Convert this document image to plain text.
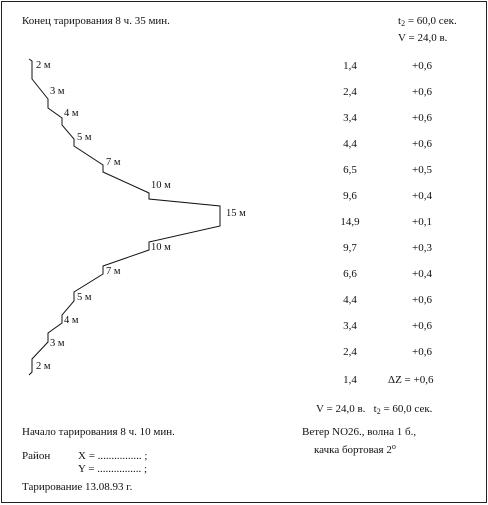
Конец тарирования 8 ч. 35 мин.	$t_2 = 60,0$ сек.
V = 24,0 в.
2 м
3 м
4 м
5 м
7 м
10 м
15 м
10 м
7 м
5 м
4 м
3 м
2 м
1,4	+0,6
2,4	+0,6
3,4	+0,6
4,4	+0,6
6,5	+0,5
9,6	+0,4
14,9	+0,1
9,7	+0,3
6,6	+0,4
4,4	+0,6
3,4	+0,6
2,4	+0,6
1,4	ΔZ = +0,6
V = 24,0 в. $t_2 = 60,0$ сек.
Начало тарирования 8 ч. 10 мин.	Ветер NO26., волна 1 б.,
качка бортовая 2$^o$
Район	X = ................ ;
Y = ................ ;
Тарирование 13.08.93 г.
